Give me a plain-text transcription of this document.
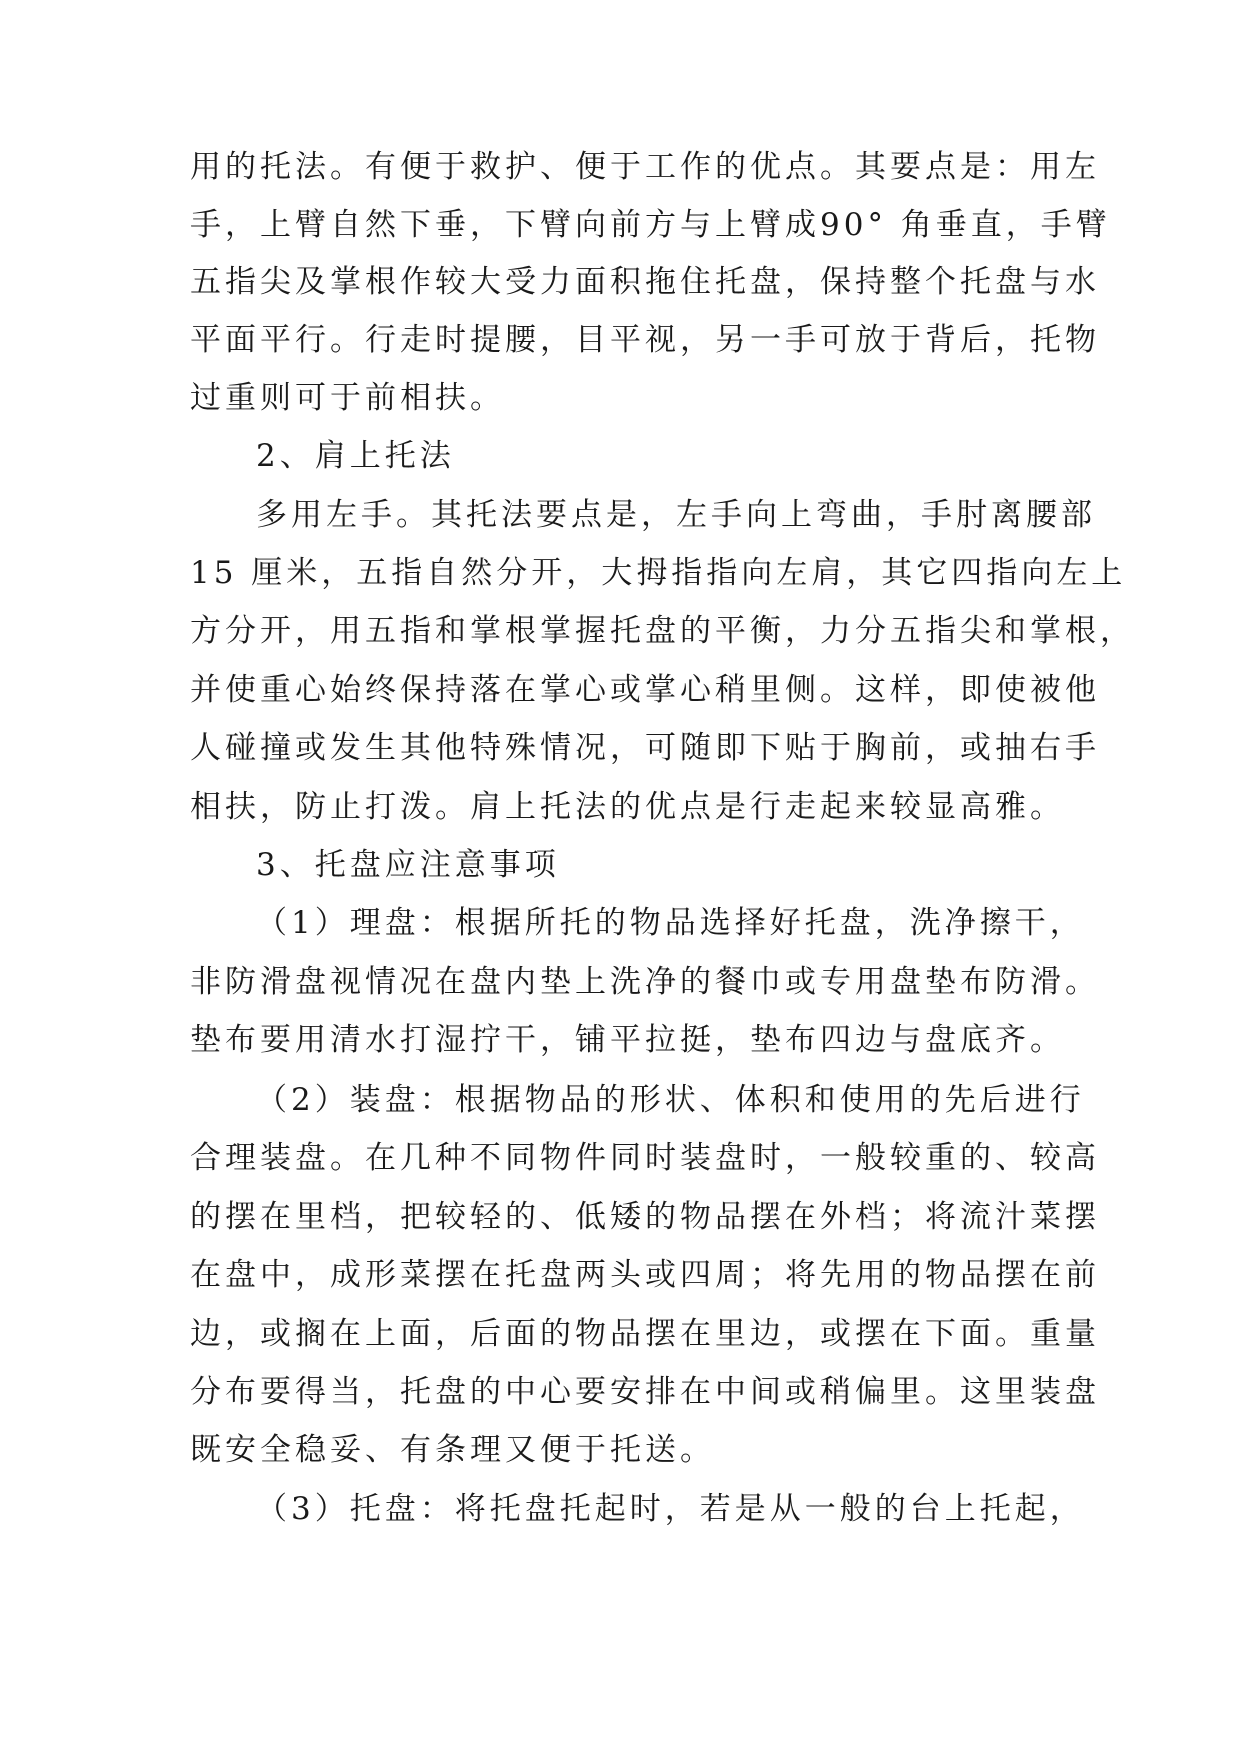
用的托法。有便于救护、便于工作的优点。其要点是：用左
手，上臂自然下垂，下臂向前方与上臂成90° 角垂直，手臂
五指尖及掌根作较大受力面积拖住托盘，保持整个托盘与水
平面平行。行走时提腰，目平视，另一手可放于背后，托物
过重则可于前相扶。
2、肩上托法
多用左手。其托法要点是，左手向上弯曲，手肘离腰部
15 厘米，五指自然分开，大拇指指向左肩，其它四指向左上
方分开，用五指和掌根掌握托盘的平衡，力分五指尖和掌根，
并使重心始终保持落在掌心或掌心稍里侧。这样，即使被他
人碰撞或发生其他特殊情况，可随即下贴于胸前，或抽右手
相扶，防止打泼。肩上托法的优点是行走起来较显高雅。
3、托盘应注意事项
（1）理盘：根据所托的物品选择好托盘，洗净擦干，
非防滑盘视情况在盘内垫上洗净的餐巾或专用盘垫布防滑。
垫布要用清水打湿拧干，铺平拉挺，垫布四边与盘底齐。
（2）装盘：根据物品的形状、体积和使用的先后进行
合理装盘。在几种不同物件同时装盘时，一般较重的、较高
的摆在里档，把较轻的、低矮的物品摆在外档；将流汁菜摆
在盘中，成形菜摆在托盘两头或四周；将先用的物品摆在前
边，或搁在上面，后面的物品摆在里边，或摆在下面。重量
分布要得当，托盘的中心要安排在中间或稍偏里。这里装盘
既安全稳妥、有条理又便于托送。
（3）托盘：将托盘托起时，若是从一般的台上托起，
